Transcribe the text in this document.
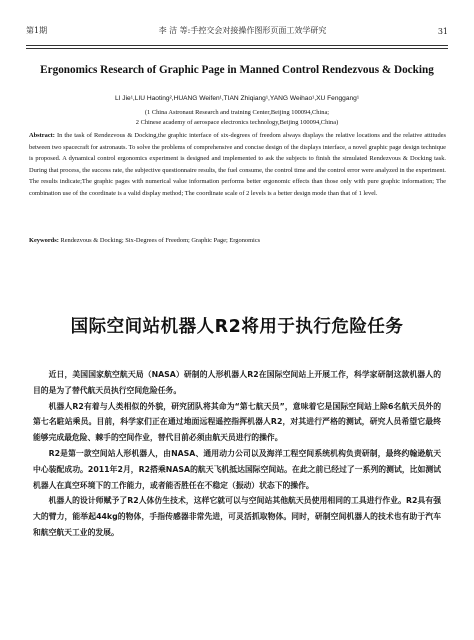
第1期	李 洁 等:手控交会对接操作图形页面工效学研究	31
Ergonomics Research of Graphic Page in Manned Control Rendezvous & Docking
LI Jie¹,LIU Haoting²,HUANG Weifen¹,TIAN Zhiqiang¹,YANG Weihao¹,XU Fenggang¹
(1 China Astronaut Research and training Center,Beijing 100094,China;
2 Chinese academy of aerospace electronics technology,Beijing 100094,China)
Abstract: In the task of Rendezvous & Docking,the graphic interface of six-degrees of freedom always displays the relative locations and the relative attitudes between two spacecraft for astronauts. To solve the problems of comprehensive and concise design of the displays interface, a novel graphic page design technique is proposed. A dynamical control ergonomics experiment is designed and implemented to ask the subjects to finish the simulated Rendezvous & Docking task. During that process, the success rate, the subjective questionnaire results, the fuel consume, the control time and the control error were analyzed in the experiment. The results indicate;The graphic pages with numerical value information performs better ergonomic effects than those only with pure graphic information; The combination use of the coordinate is a valid display method; The coordinate scale of 2 levels is a better design mode than that of 1 level.
Keywords: Rendezvous & Docking; Six-Degrees of Freedom; Graphic Page; Ergonomics
国际空间站机器人R2将用于执行危险任务

近日，美国国家航空航天局（NASA）研制的人形机器人R2在国际空间站上开展工作，科学家研制这款机器人的目的是为了替代航天员执行空间危险任务。

机器人R2有着与人类相似的外貌，研究团队将其命为“第七航天员”，意味着它是国际空间站上除6名航天员外的第七名駐站乘员。目前，科学家们正在通过地面远程遥控指挥机器人R2，对其进行严格的测试，研究人员希望它最终能够完成最危险、棘手的空间作业，替代目前必须由航天员进行的操作。

R2是第一款空间站人形机器人，由NASA、通用动力公司以及海洋工程空间系统机构负责研制，最终约翰逊航天中心装配成功。2011年2月，R2搭乘NASA的航天飞机抵达国际空间站。在此之前已经过了一系列的测试，比如测试机器人在真空环境下的工作能力，或者能否胜任在不稳定（振动）状态下的操作。

机器人的设计师赋予了R2人体仿生技术，这样它就可以与空间站其他航天员使用相同的工具进行作业。R2具有强大的臂力，能举起44kg的物体，手指传感器非常先进，可灵活抓取物体。同时，研制空间机器人的技术也有助于汽车和航空航天工业的发展。
